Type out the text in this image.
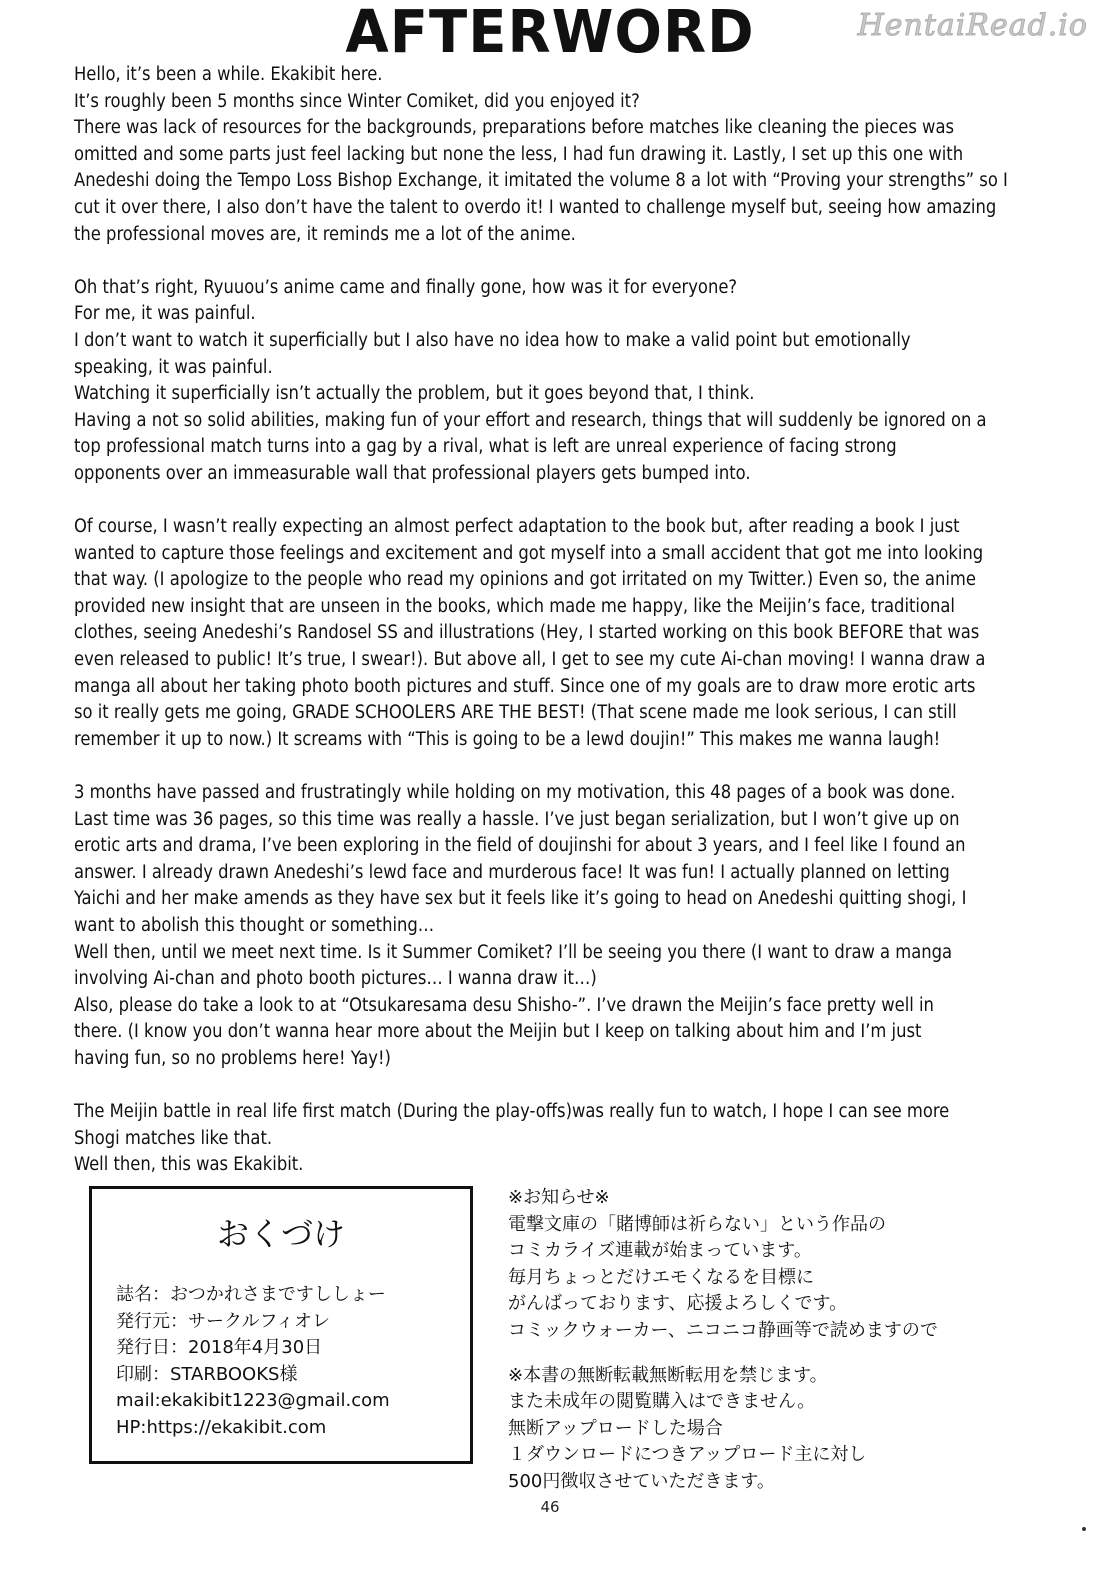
HentaiRead.io
AFTERWORD

Hello, it’s been a while. Ekakibit here.
It’s roughly been 5 months since Winter Comiket, did you enjoyed it?
There was lack of resources for the backgrounds, preparations before matches like cleaning the pieces was
omitted and some parts just feel lacking but none the less, I had fun drawing it. Lastly, I set up this one with
Anedeshi doing the Tempo Loss Bishop Exchange, it imitated the volume 8 a lot with “Proving your strengths” so I
cut it over there, I also don’t have the talent to overdo it! I wanted to challenge myself but, seeing how amazing
the professional moves are, it reminds me a lot of the anime.

Oh that’s right, Ryuuou’s anime came and finally gone, how was it for everyone?
For me, it was painful.
I don’t want to watch it superficially but I also have no idea how to make a valid point but emotionally
speaking, it was painful.
Watching it superficially isn’t actually the problem, but it goes beyond that, I think.
Having a not so solid abilities, making fun of your effort and research, things that will suddenly be ignored on a
top professional match turns into a gag by a rival, what is left are unreal experience of facing strong
opponents over an immeasurable wall that professional players gets bumped into.

Of course, I wasn’t really expecting an almost perfect adaptation to the book but, after reading a book I just
wanted to capture those feelings and excitement and got myself into a small accident that got me into looking
that way. (I apologize to the people who read my opinions and got irritated on my Twitter.) Even so, the anime
provided new insight that are unseen in the books, which made me happy, like the Meijin’s face, traditional
clothes, seeing Anedeshi’s Randosel SS and illustrations (Hey, I started working on this book BEFORE that was
even released to public! It’s true, I swear!). But above all, I get to see my cute Ai-chan moving! I wanna draw a
manga all about her taking photo booth pictures and stuff. Since one of my goals are to draw more erotic arts
so it really gets me going, GRADE SCHOOLERS ARE THE BEST! (That scene made me look serious, I can still
remember it up to now.) It screams with “This is going to be a lewd doujin!” This makes me wanna laugh!

3 months have passed and frustratingly while holding on my motivation, this 48 pages of a book was done.
Last time was 36 pages, so this time was really a hassle. I’ve just began serialization, but I won’t give up on
erotic arts and drama, I’ve been exploring in the field of doujinshi for about 3 years, and I feel like I found an
answer. I already drawn Anedeshi’s lewd face and murderous face! It was fun! I actually planned on letting
Yaichi and her make amends as they have sex but it feels like it’s going to head on Anedeshi quitting shogi, I
want to abolish this thought or something…
Well then, until we meet next time. Is it Summer Comiket? I’ll be seeing you there (I want to draw a manga
involving Ai-chan and photo booth pictures… I wanna draw it…)
Also, please do take a look to at “Otsukaresama desu Shisho-”. I’ve drawn the Meijin’s face pretty well in
there. (I know you don’t wanna hear more about the Meijin but I keep on talking about him and I’m just
having fun, so no problems here! Yay!)

The Meijin battle in real life first match (During the play-offs)was really fun to watch, I hope I can see more
Shogi matches like that.
Well then, this was Ekakibit.

おくづけ
誌名：おつかれさまですししょー
発行元：サークルフィオレ
発行日：2018年4月30日
印刷：STARBOOKS様
mail:ekakibit1223@gmail.com
HP:https://ekakibit.com
※お知らせ※
電撃文庫の「賭博師は祈らない」という作品の
コミカライズ連載が始まっています。
毎月ちょっとだけエモくなるを目標に
がんばっております、応援よろしくです。
コミックウォーカー、ニコニコ静画等で読めますので
※本書の無断転載無断転用を禁じます。
また未成年の閲覧購入はできません。
無断アップロードした場合
１ダウンロードにつきアップロード主に対し
500円徴収させていただきます。
46
